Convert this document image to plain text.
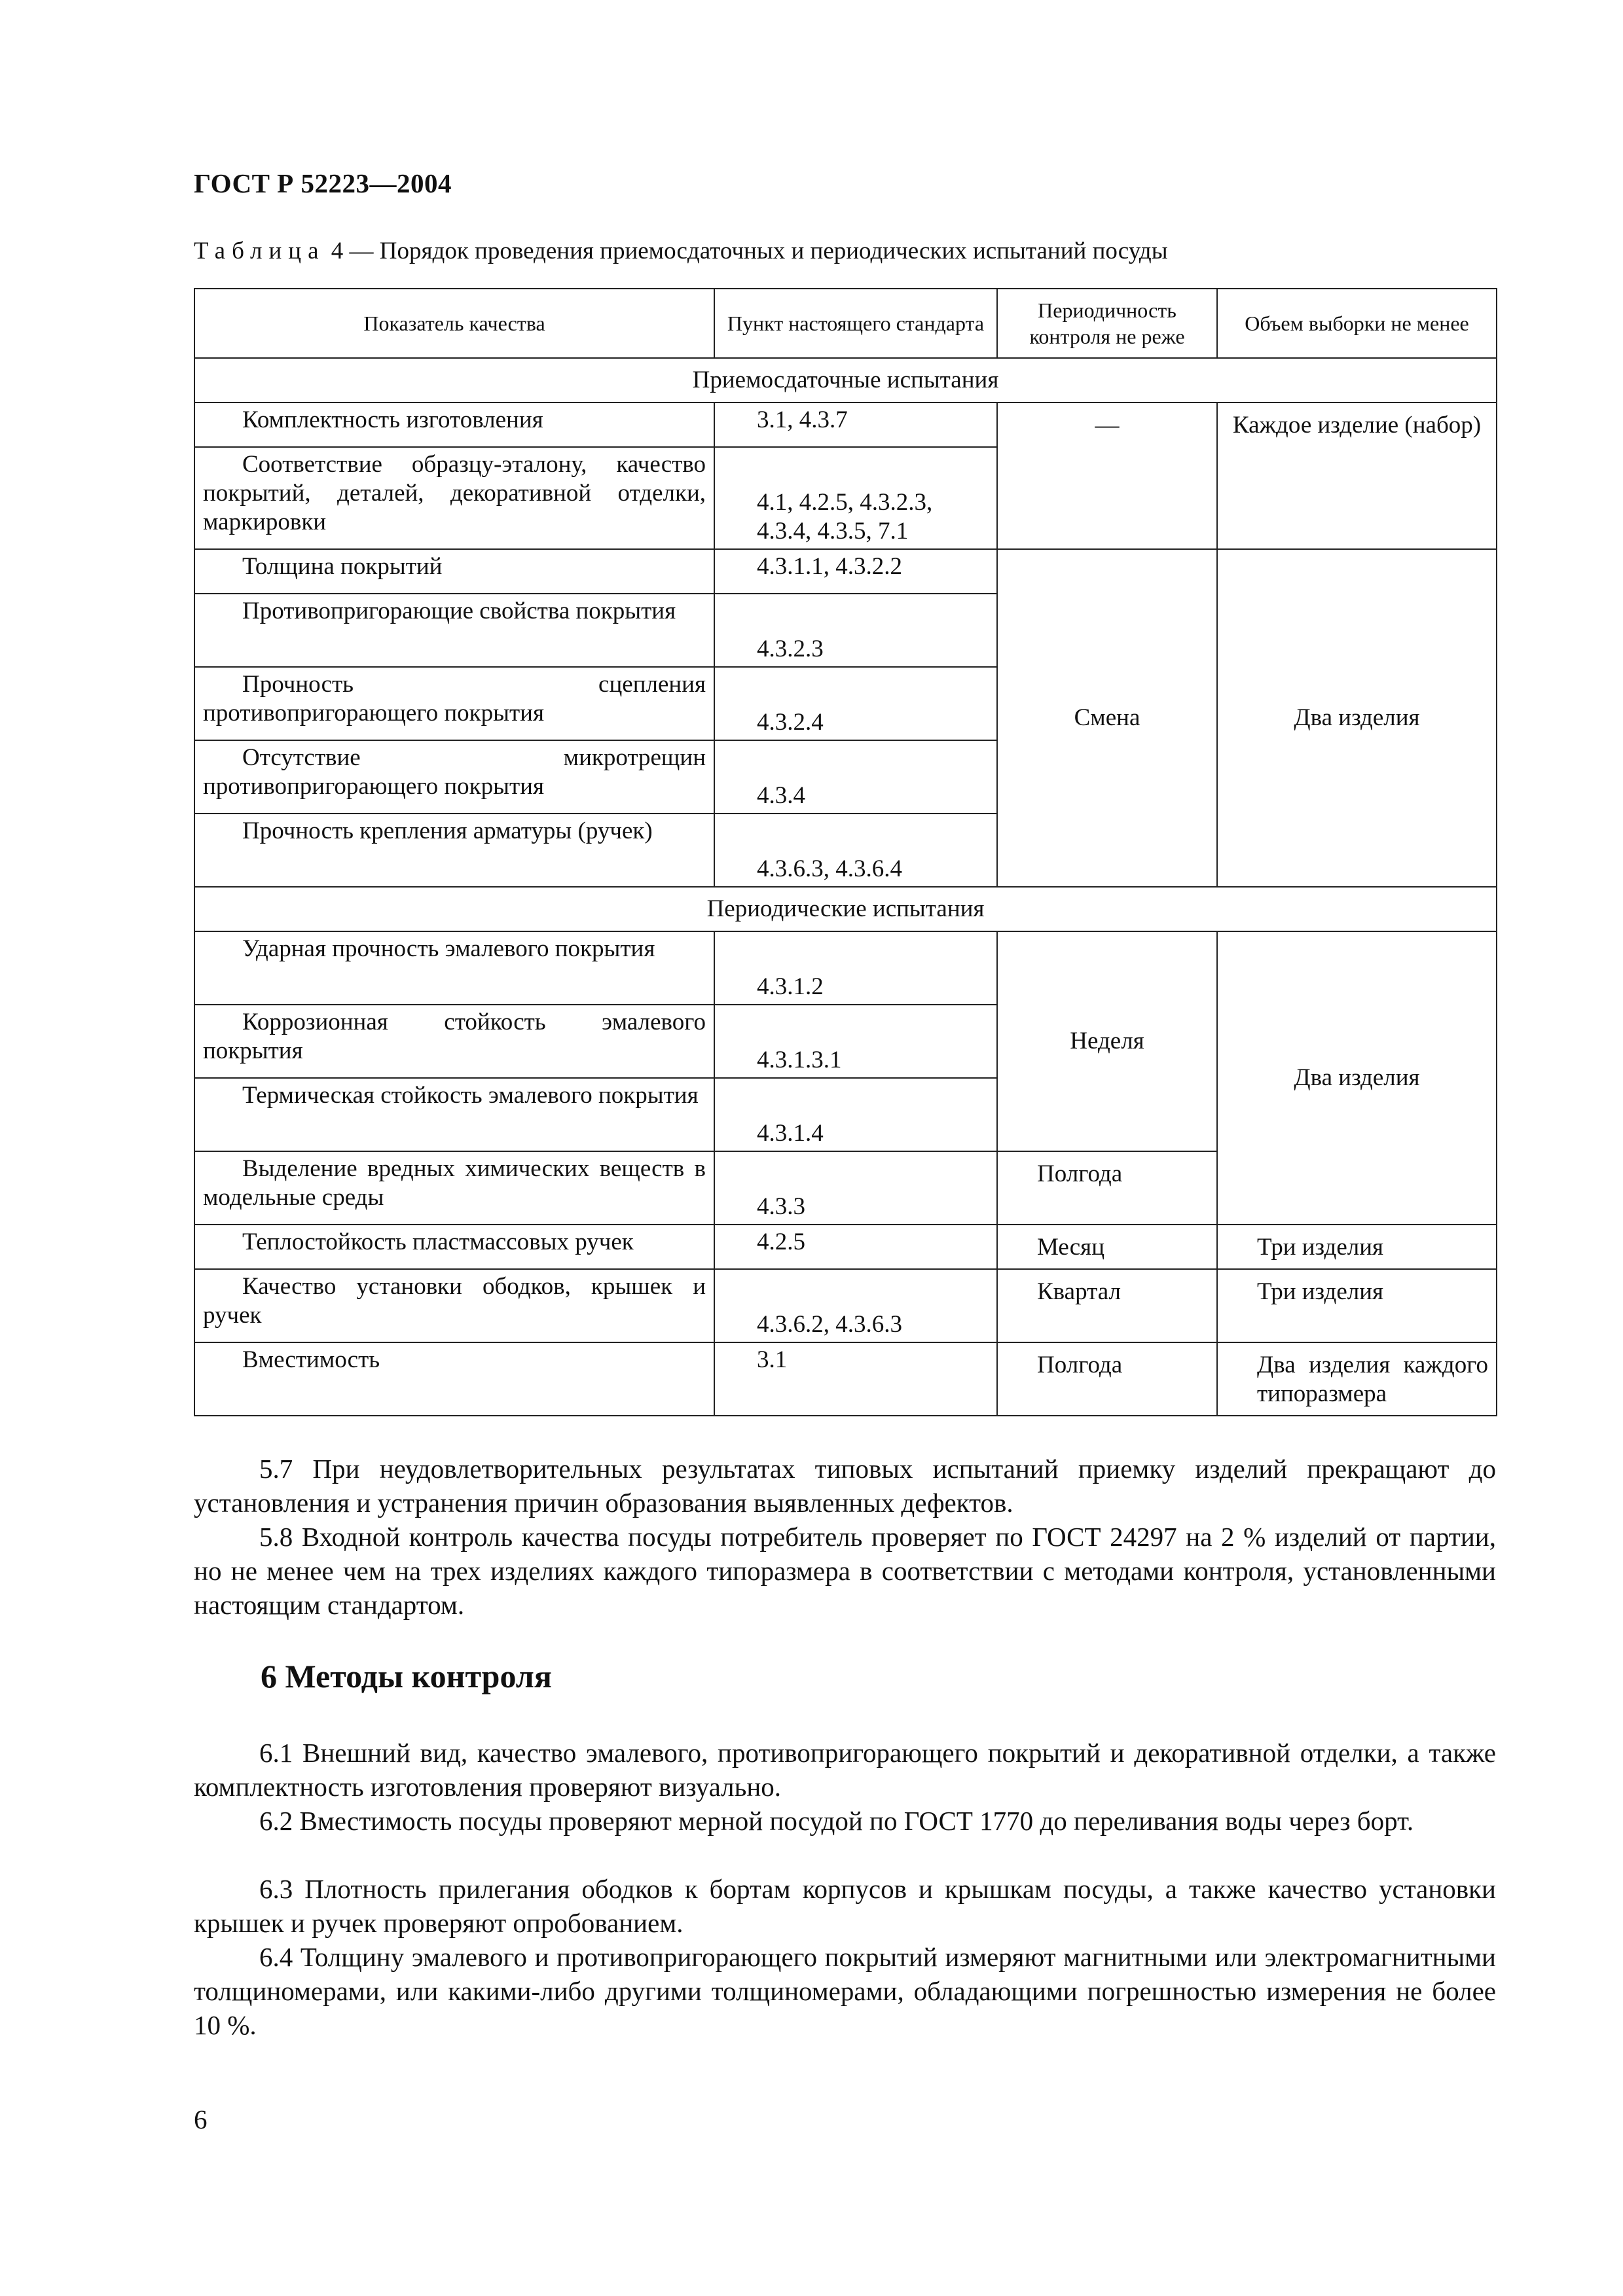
ГОСТ Р 52223—2004
Таблица 4 — Порядок проведения приемосдаточных и периодических испытаний посуды
Показатель качества	Пункт настоящего стандарта	Периодичность контроля не реже	Объем выборки не менее
Приемосдаточные испытания			

Комплектность изготовления	3.1, 4.3.7	—	Каждое изделие (набор)

Соответствие образцу-эталону, качество покрытий, деталей, декоративной отделки, маркировки	4.1, 4.2.5, 4.3.2.3, 4.3.4, 4.3.5, 7.1		

Толщина покрытий	4.3.1.1, 4.3.2.2	Смена	Два изделия

Противопригорающие свойства покрытия	4.3.2.3		

Прочность сцепления противопригорающего покрытия	4.3.2.4		

Отсутствие микротрещин противопригорающего покрытия	4.3.4		

Прочность крепления арматуры (ручек)	4.3.6.3, 4.3.6.4		
Периодические испытания			

Ударная прочность эмалевого покрытия	4.3.1.2	Неделя	Два изделия

Коррозионная стойкость эмалевого покрытия	4.3.1.3.1		

Термическая стойкость эмалевого покрытия	4.3.1.4		

Выделение вредных химических веществ в модельные среды	4.3.3	Полгода	

Теплостойкость пластмассовых ручек	4.2.5	Месяц	Три изделия

Качество установки ободков, крышек и ручек	4.3.6.2, 4.3.6.3	Квартал	Три изделия

Вместимость	3.1	Полгода	Два изделия каждого типоразмера

5.7 При неудовлетворительных результатах типовых испытаний приемку изделий прекращают до установления и устранения причин образования выявленных дефектов.

5.8 Входной контроль качества посуды потребитель проверяет по ГОСТ 24297 на 2 % изделий от партии, но не менее чем на трех изделиях каждого типоразмера в соответствии с методами контроля, установленными настоящим стандартом.

6 Методы контроля

6.1 Внешний вид, качество эмалевого, противопригорающего покрытий и декоративной отделки, а также комплектность изготовления проверяют визуально.

6.2 Вместимость посуды проверяют мерной посудой по ГОСТ 1770 до переливания воды через борт.

6.3 Плотность прилегания ободков к бортам корпусов и крышкам посуды, а также качество установки крышек и ручек проверяют опробованием.

6.4 Толщину эмалевого и противопригорающего покрытий измеряют магнитными или электромагнитными толщиномерами, или какими-либо другими толщиномерами, обладающими погрешностью измерения не более 10 %.

6
